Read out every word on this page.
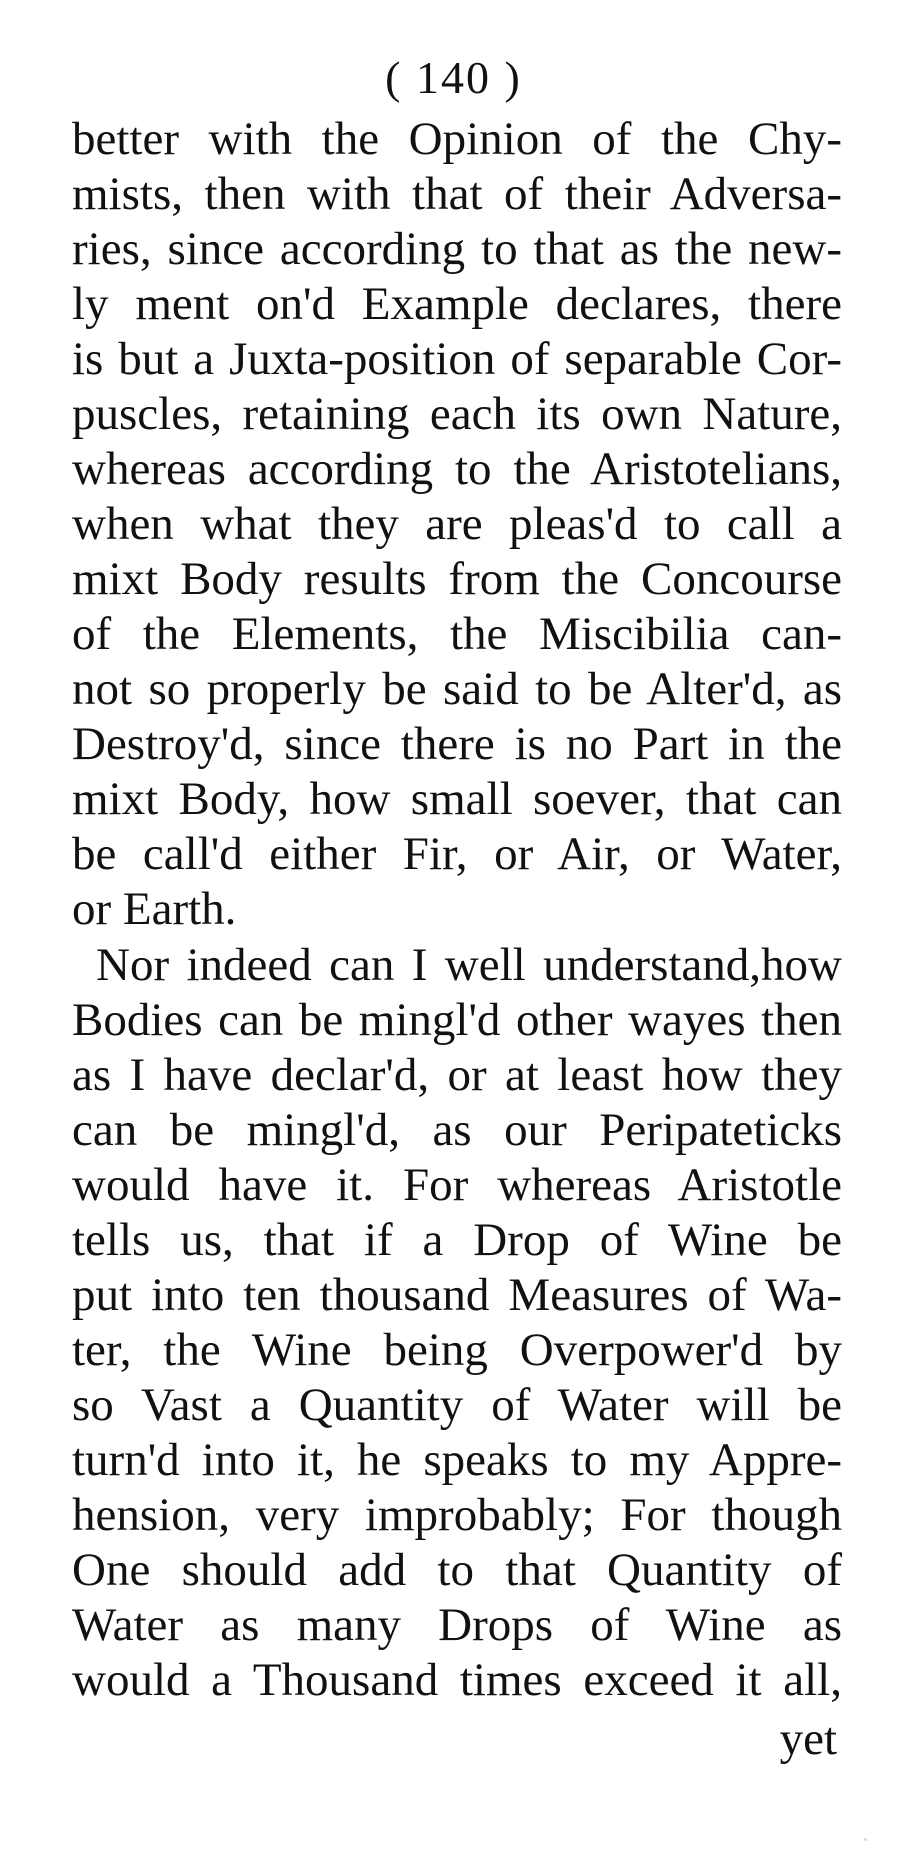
( 140 )
better with the Opinion of the Chy-
mists, then with that of their Adversa-
ries, since according to that as the new-
ly ment on'd Example declares, there
is but a Juxta-position of separable Cor-
puscles, retaining each its own Nature,
whereas according to the Aristotelians,
when what they are pleas'd to call a
mixt Body results from the Concourse
of the Elements, the Miscibilia can-
not so properly be said to be Alter'd, as
Destroy'd, since there is no Part in the
mixt Body, how small soever, that can
be call'd either Fir, or Air, or Water,
or Earth.
Nor indeed can I well understand,how
Bodies can be mingl'd other wayes then
as I have declar'd, or at least how they
can be mingl'd, as our Peripateticks
would have it. For whereas Aristotle
tells us, that if a Drop of Wine be
put into ten thousand Measures of Wa-
ter, the Wine being Overpower'd by
so Vast a Quantity of Water will be
turn'd into it, he speaks to my Appre-
hension, very improbably; For though
One should add to that Quantity of
Water as many Drops of Wine as
would a Thousand times exceed it all,
yet
